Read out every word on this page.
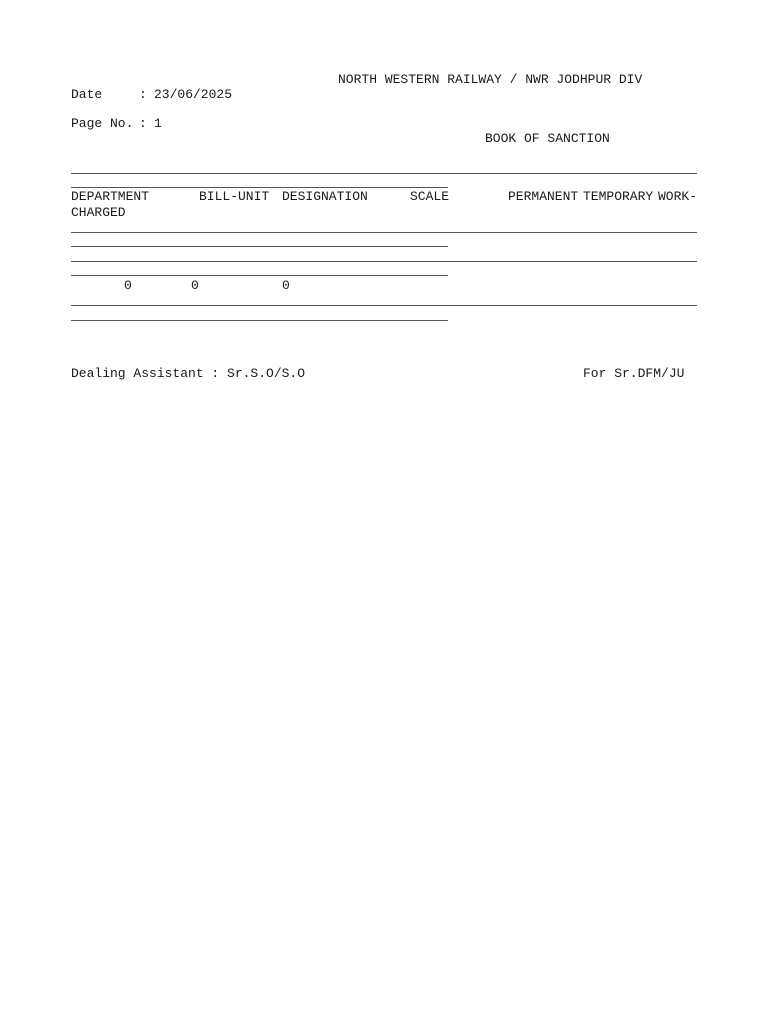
NORTH WESTERN RAILWAY / NWR JODHPUR DIV
Date	: 23/06/2025
Page No. : 1
BOOK OF SANCTION
DEPARTMENT
CHARGED
BILL-UNIT DESIGNATION	SCALE	PERMANENT TEMPORARY WORK-
0	0	0
Dealing Assistant : Sr.S.O/S.O	For Sr.DFM/JU
